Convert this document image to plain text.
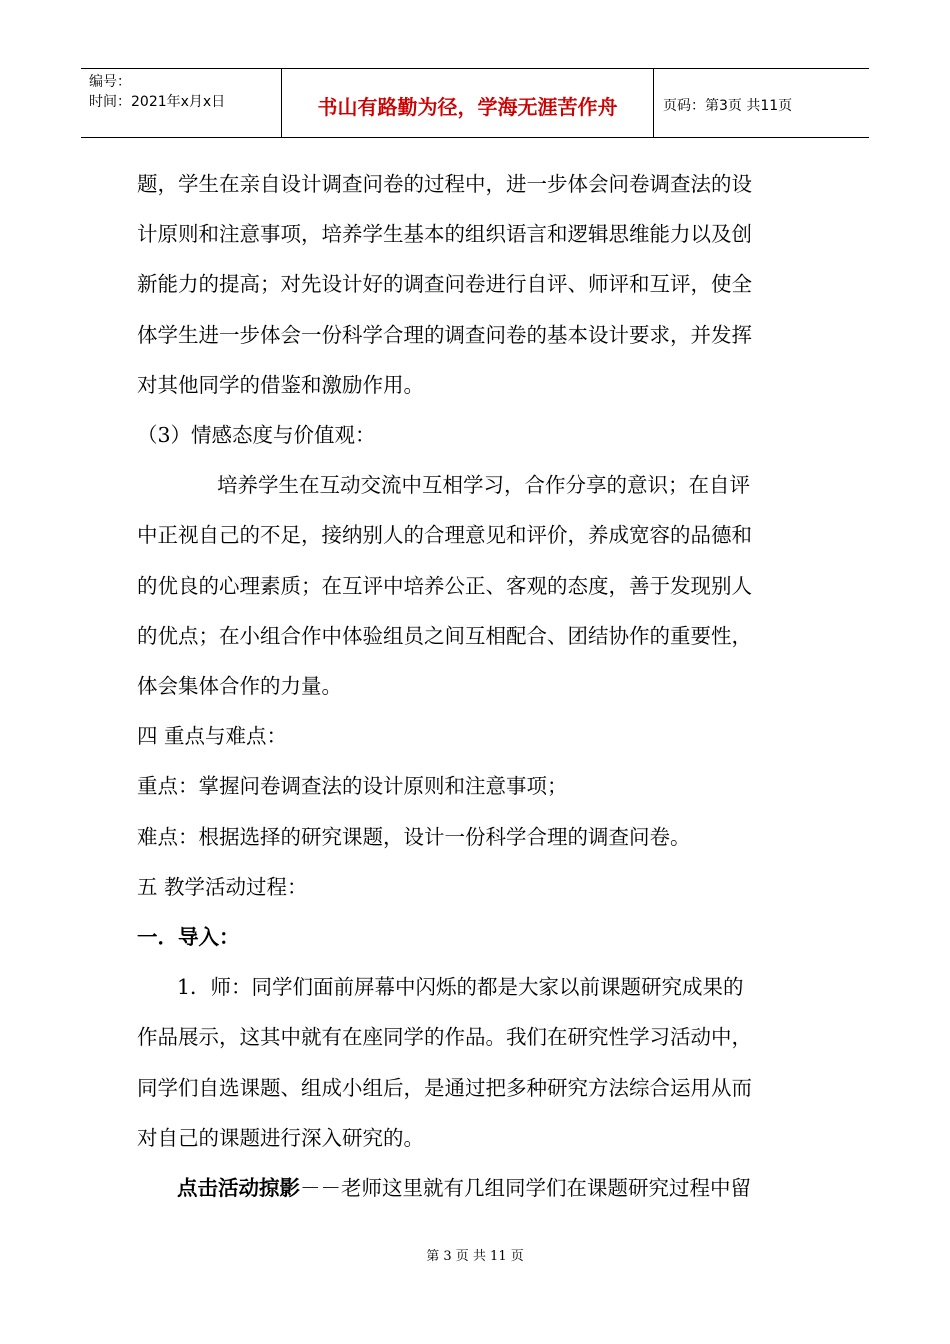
编号：
时间：2021年x月x日	书山有路勤为径，学海无涯苦作舟	页码：第3页 共11页

题，学生在亲自设计调查问卷的过程中，进一步体会问卷调查法的设

计原则和注意事项，培养学生基本的组织语言和逻辑思维能力以及创

新能力的提高；对先设计好的调查问卷进行自评、师评和互评，使全

体学生进一步体会一份科学合理的调查问卷的基本设计要求，并发挥

对其他同学的借鉴和激励作用。

（3）情感态度与价值观：

培养学生在互动交流中互相学习，合作分享的意识；在自评

中正视自己的不足，接纳别人的合理意见和评价，养成宽容的品德和

的优良的心理素质；在互评中培养公正、客观的态度，善于发现别人

的优点；在小组合作中体验组员之间互相配合、团结协作的重要性，

体会集体合作的力量。

四 重点与难点：

重点：掌握问卷调查法的设计原则和注意事项；

难点：根据选择的研究课题，设计一份科学合理的调查问卷。

五 教学活动过程：

一．导入：

1．师：同学们面前屏幕中闪烁的都是大家以前课题研究成果的

作品展示，这其中就有在座同学的作品。我们在研究性学习活动中，

同学们自选课题、组成小组后，是通过把多种研究方法综合运用从而

对自己的课题进行深入研究的。

点击活动掠影－－老师这里就有几组同学们在课题研究过程中留

第 3 页 共 11 页
